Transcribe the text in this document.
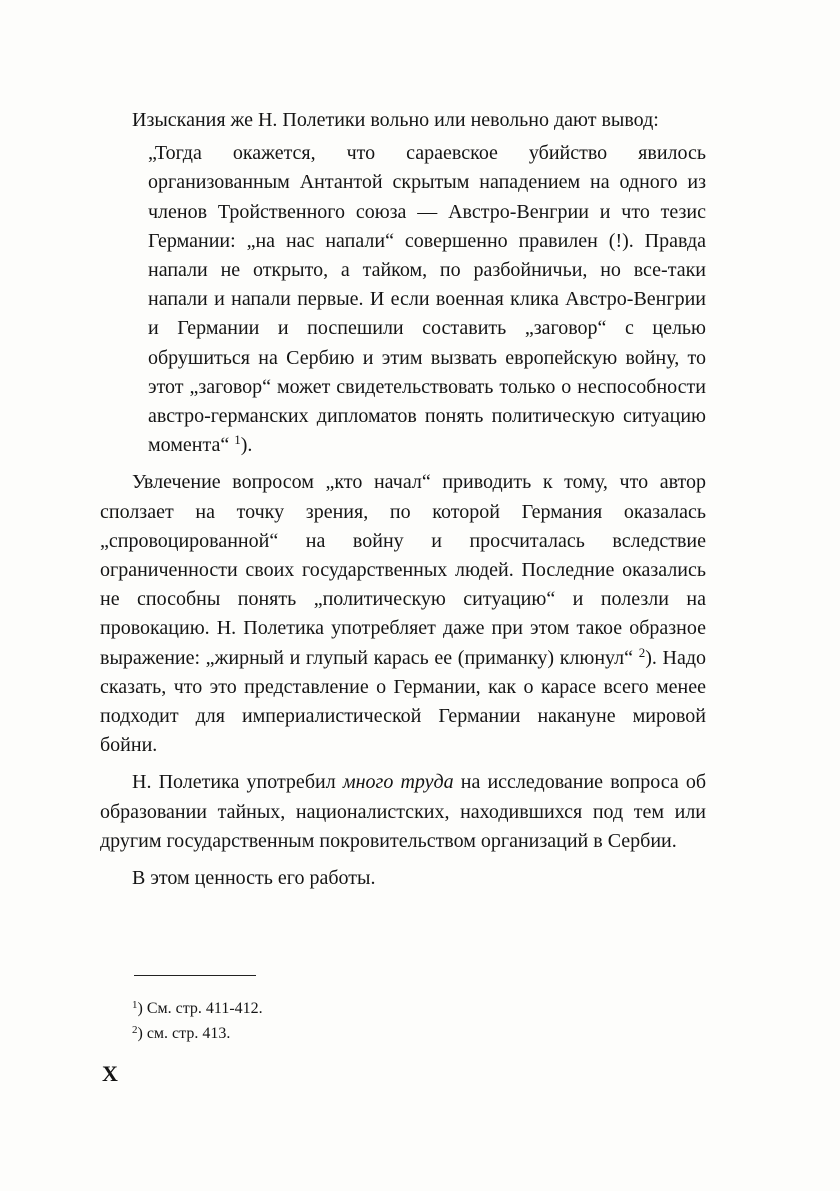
Изыскания же Н. Полетики вольно или невольно дают вывод:

„Тогда окажется, что сараевское убийство явилось организованным Антантой скрытым нападением на одного из членов Тройственного союза — Австро-Венгрии и что тезис Германии: „на нас напали“ совершенно правилен (!). Правда напали не открыто, а тайком, по разбойничьи, но все-таки напали и напали первые. И если военная клика Австро-Венгрии и Германии и поспешили составить „заговор“ с целью обрушиться на Сербию и этим вызвать европейскую войну, то этот „заговор“ может свидетельствовать только о неспособности австро-германских дипломатов понять политическую ситуацию момента“ $^1$).

Увлечение вопросом „кто начал“ приводить к тому, что автор сползает на точку зрения, по которой Германия оказалась „спровоцированной“ на войну и просчиталась вследствие ограниченности своих государственных людей. Последние оказались не способны понять „политическую ситуацию“ и полезли на провокацию. Н. Полетика употребляет даже при этом такое образное выражение: „жирный и глупый карась ее (приманку) клюнул“ $^2$). Надо сказать, что это представление о Германии, как о карасе всего менее подходит для империалистической Германии накануне мировой бойни.

Н. Полетика употребил много труда на исследование вопроса об образовании тайных, националистских, находившихся под тем или другим государственным покровительством организаций в Сербии.

В этом ценность его работы.

$^1$) См. стр. 411-412.
$^2$) см. стр. 413.
X
